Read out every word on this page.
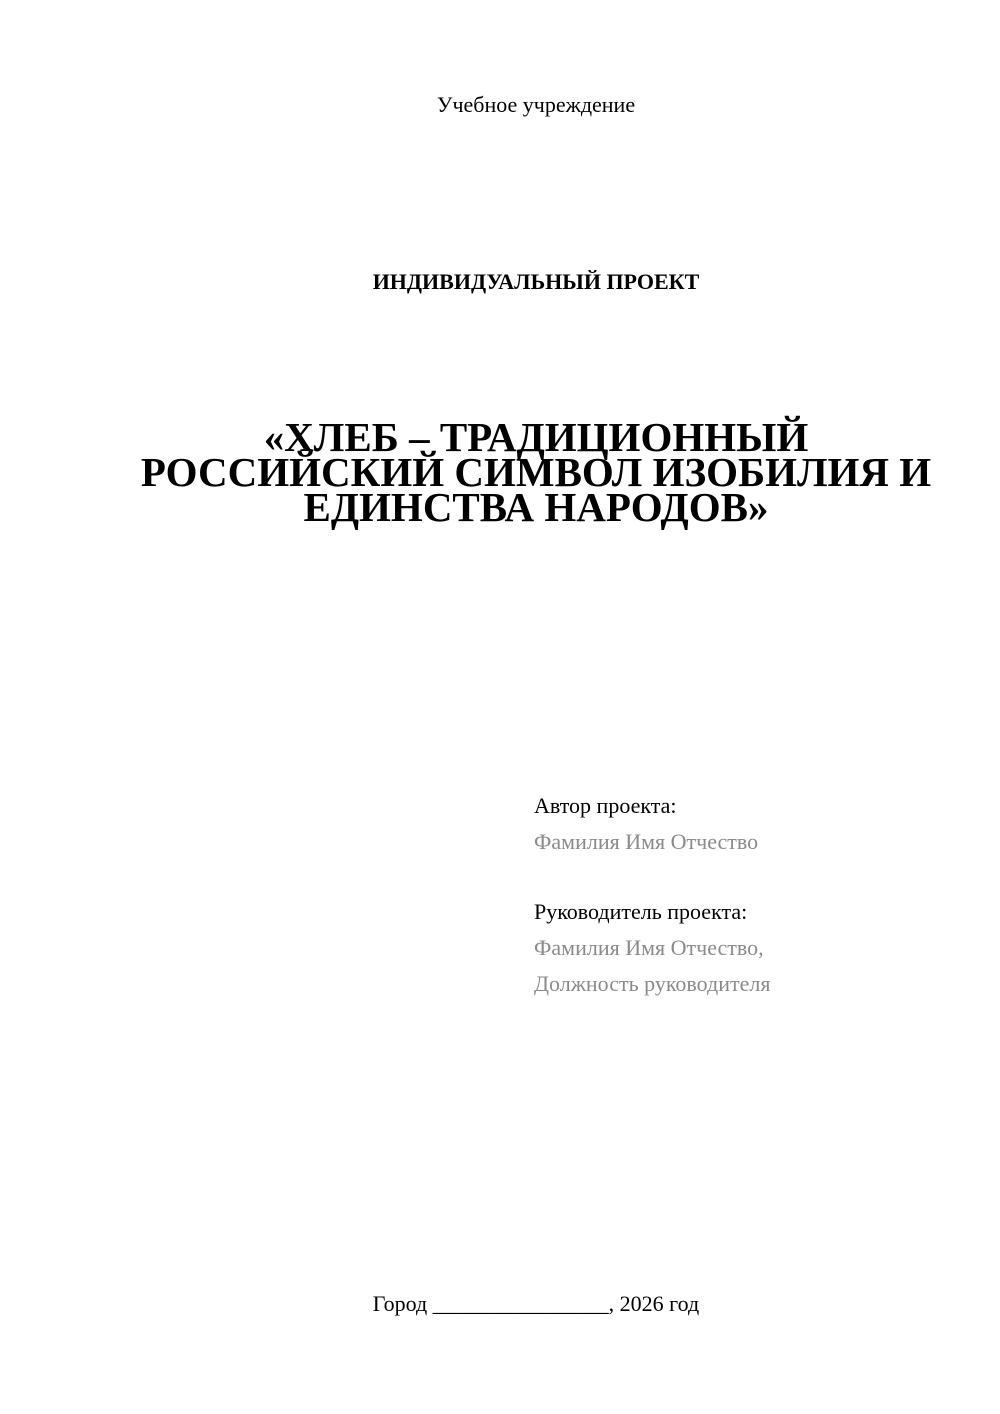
Учебное учреждение
ИНДИВИДУАЛЬНЫЙ ПРОЕКТ
«ХЛЕБ – ТРАДИЦИОННЫЙ
РОССИЙСКИЙ СИМВОЛ ИЗОБИЛИЯ И
ЕДИНСТВА НАРОДОВ»
Автор проекта:
Фамилия Имя Отчество
Руководитель проекта:
Фамилия Имя Отчество,
Должность руководителя
Город ________________, 2026 год
